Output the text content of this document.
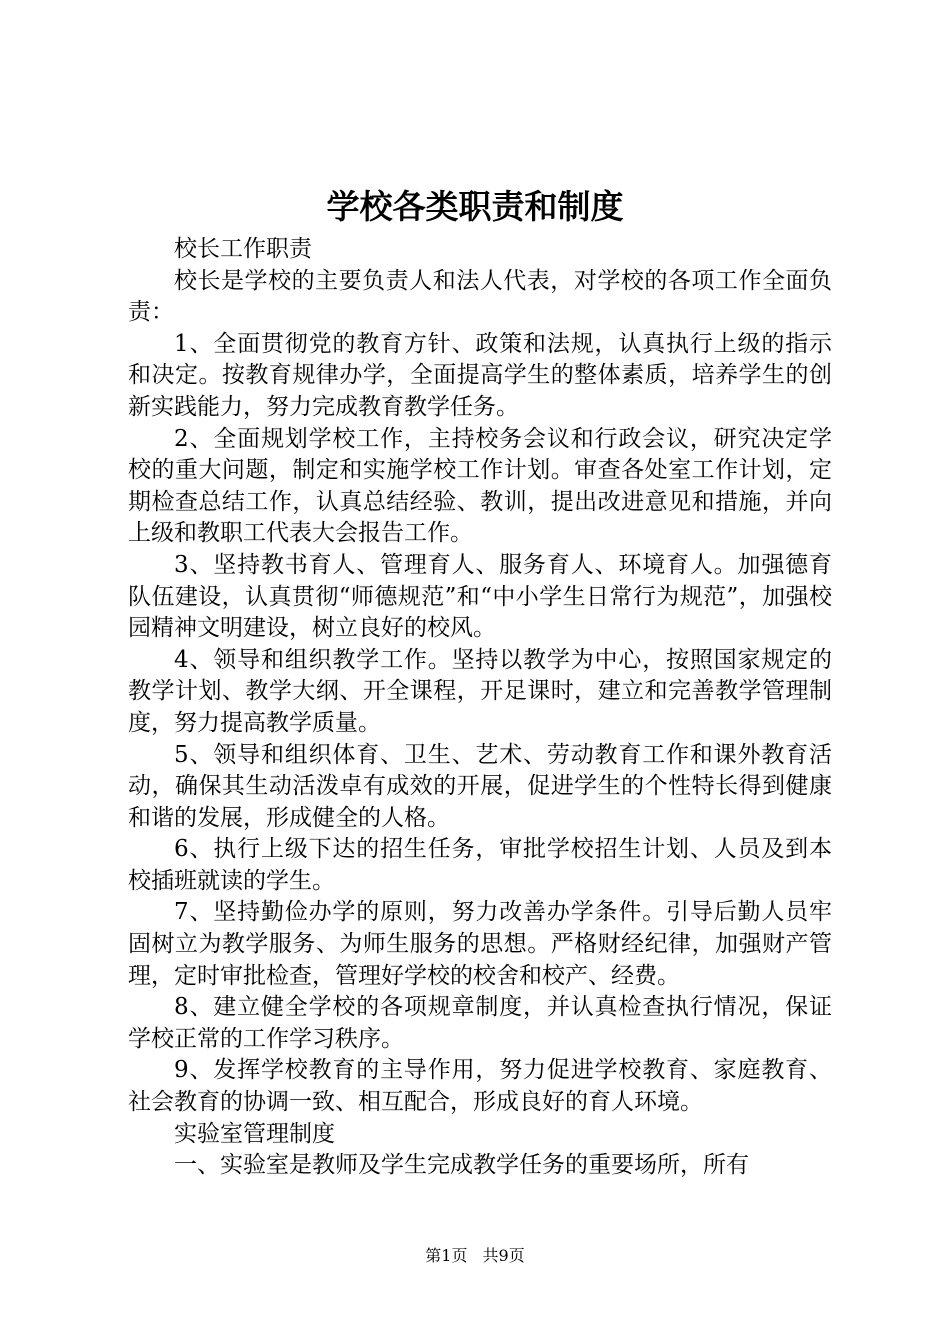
学校各类职责和制度

校长工作职责

校长是学校的主要负责人和法人代表，对学校的各项工作全面负责：

1、全面贯彻党的教育方针、政策和法规，认真执行上级的指示和决定。按教育规律办学，全面提高学生的整体素质，培养学生的创新实践能力，努力完成教育教学任务。

2、全面规划学校工作，主持校务会议和行政会议，研究决定学校的重大问题，制定和实施学校工作计划。审查各处室工作计划，定期检查总结工作，认真总结经验、教训，提出改进意见和措施，并向上级和教职工代表大会报告工作。

3、坚持教书育人、管理育人、服务育人、环境育人。加强德育队伍建设，认真贯彻“师德规范”和“中小学生日常行为规范”，加强校园精神文明建设，树立良好的校风。

4、领导和组织教学工作。坚持以教学为中心，按照国家规定的教学计划、教学大纲、开全课程，开足课时，建立和完善教学管理制度，努力提高教学质量。

5、领导和组织体育、卫生、艺术、劳动教育工作和课外教育活动，确保其生动活泼卓有成效的开展，促进学生的个性特长得到健康和谐的发展，形成健全的人格。

6、执行上级下达的招生任务，审批学校招生计划、人员及到本校插班就读的学生。

7、坚持勤俭办学的原则，努力改善办学条件。引导后勤人员牢固树立为教学服务、为师生服务的思想。严格财经纪律，加强财产管理，定时审批检查，管理好学校的校舍和校产、经费。

8、建立健全学校的各项规章制度，并认真检查执行情况，保证学校正常的工作学习秩序。

9、发挥学校教育的主导作用，努力促进学校教育、家庭教育、社会教育的协调一致、相互配合，形成良好的育人环境。

实验室管理制度

一、实验室是教师及学生完成教学任务的重要场所，所有

第1页 共9页
